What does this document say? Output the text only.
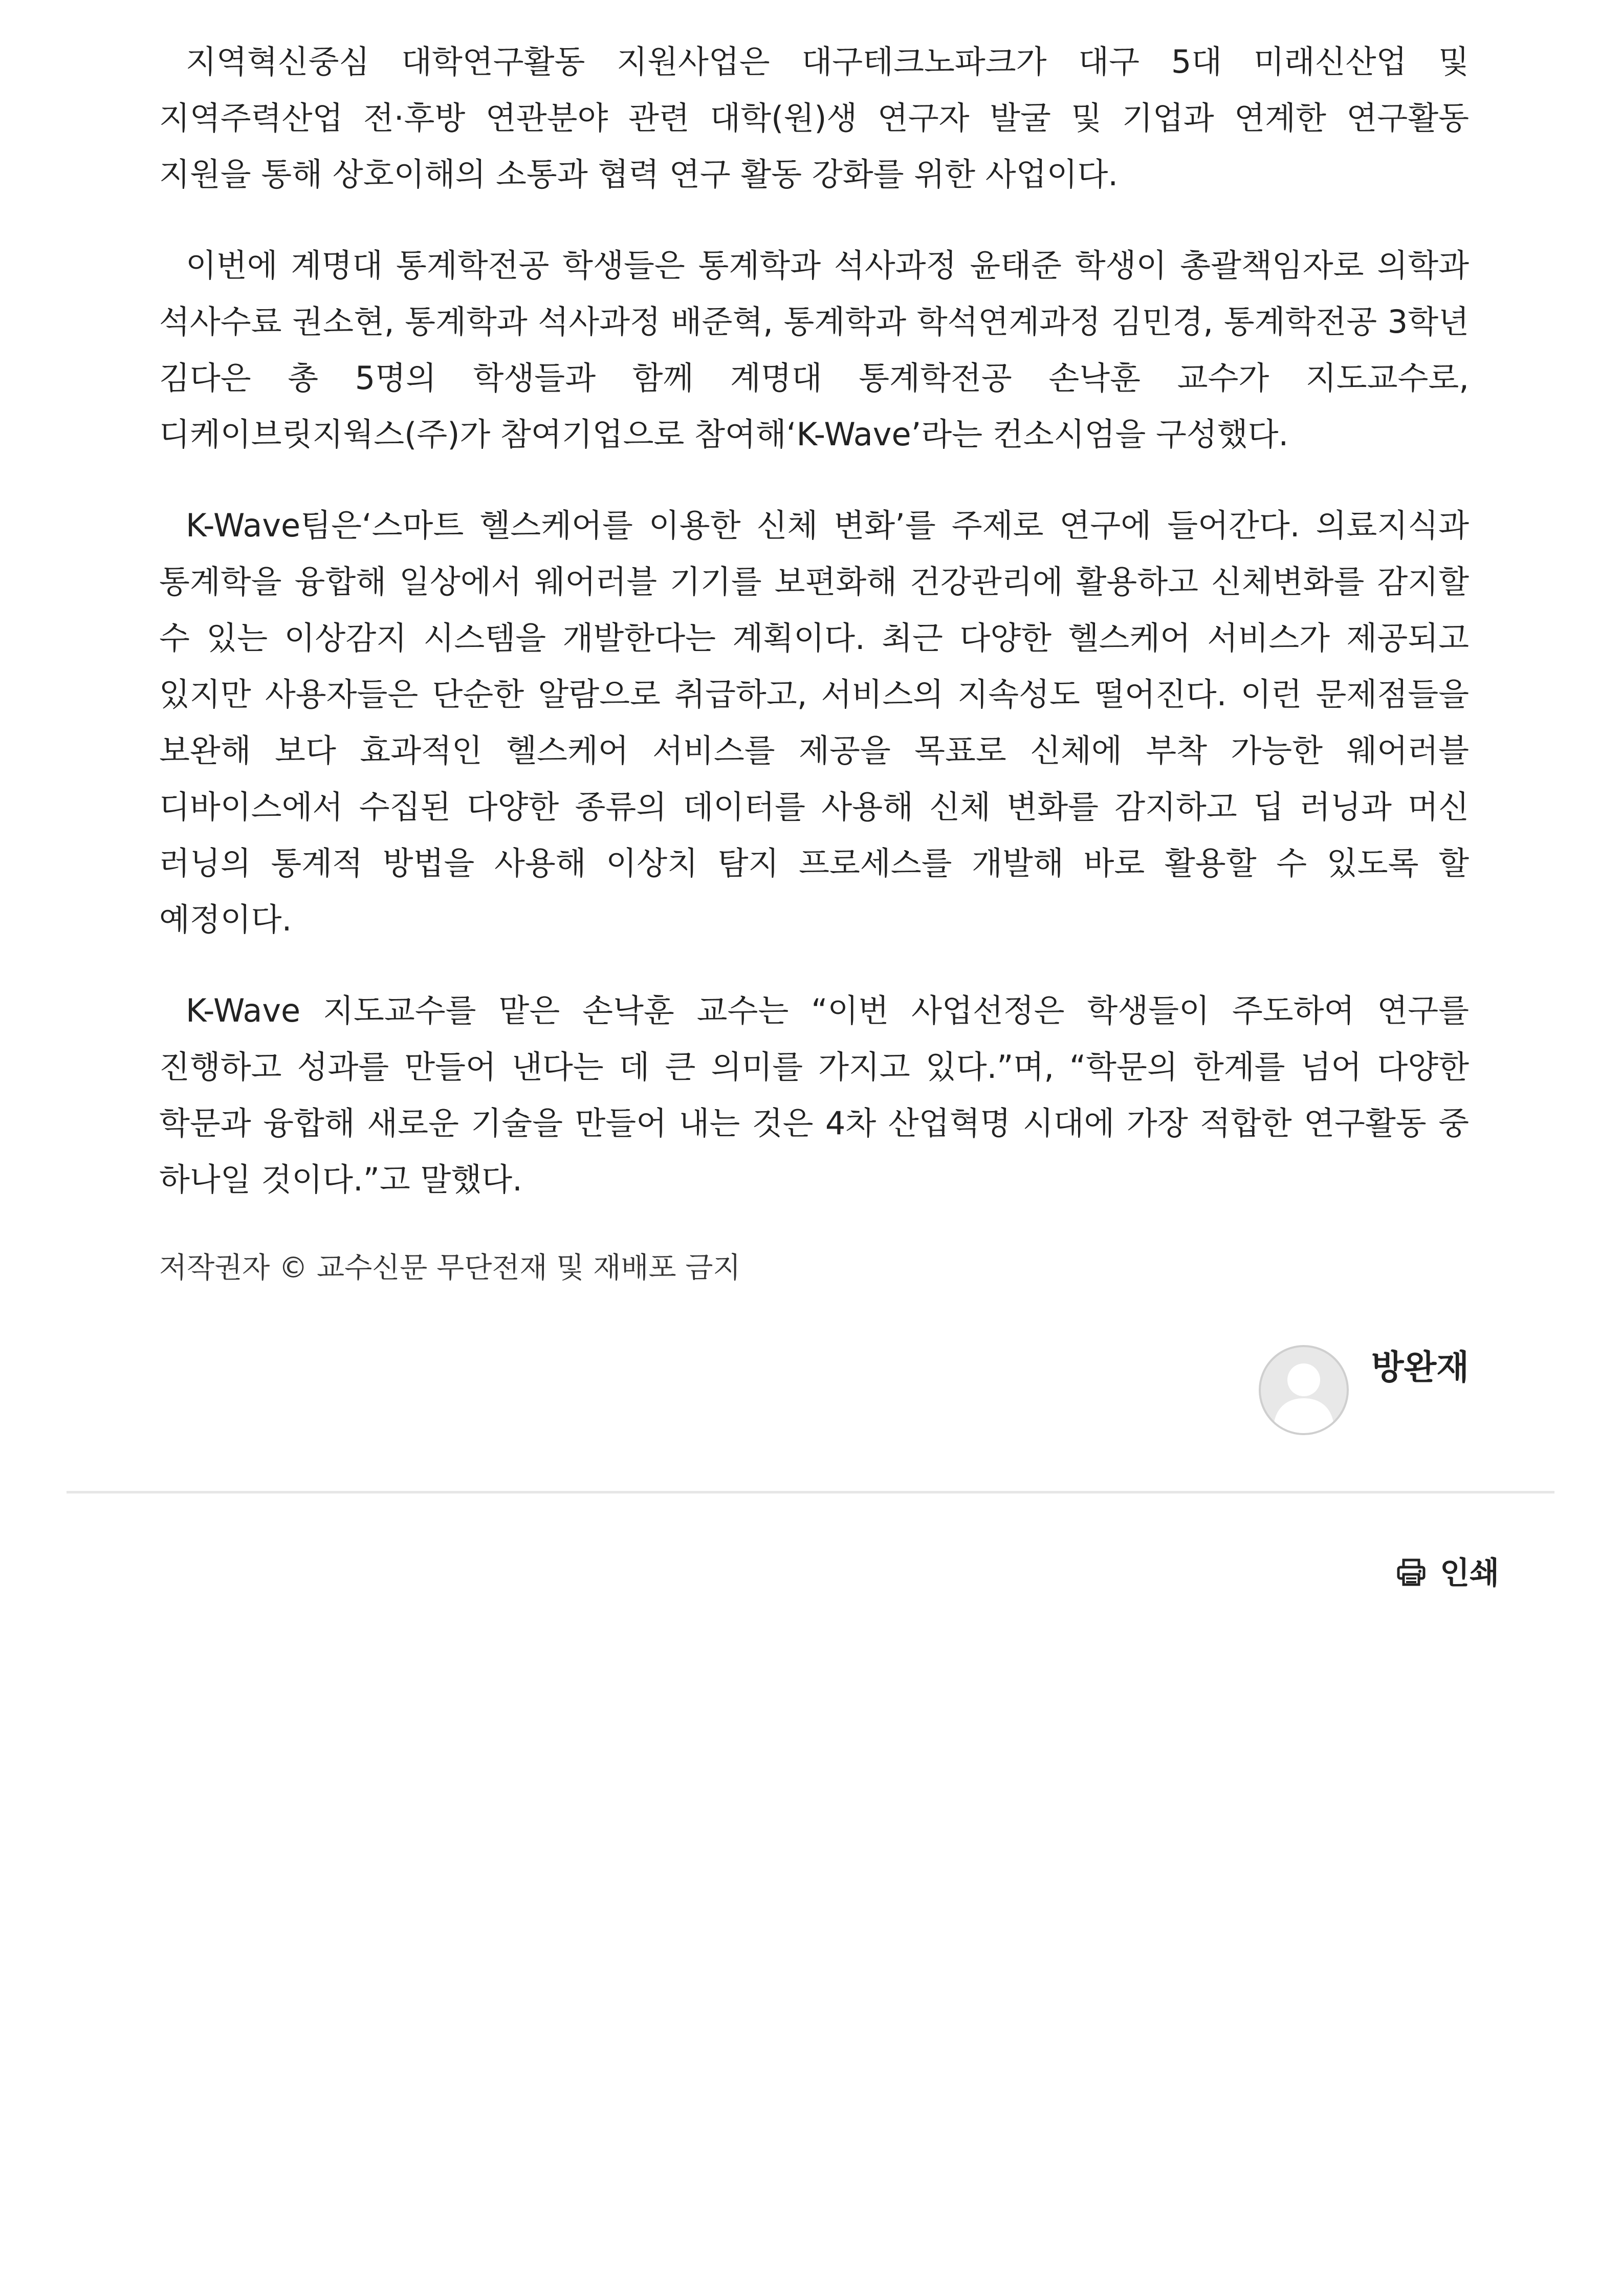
지역혁신중심 대학연구활동 지원사업은 대구테크노파크가 대구 5대 미래신산업 및 지역주력산업 전·후방 연관분야 관련 대학(원)생 연구자 발굴 및 기업과 연계한 연구활동 지원을 통해 상호이해의 소통과 협력 연구 활동 강화를 위한 사업이다.

이번에 계명대 통계학전공 학생들은 통계학과 석사과정 윤태준 학생이 총괄책임자로 의학과 석사수료 권소현, 통계학과 석사과정 배준혁, 통계학과 학석연계과정 김민경, 통계학전공 3학년 김다은 총 5명의 학생들과 함께 계명대 통계학전공 손낙훈 교수가 지도교수로, 디케이브릿지웍스(주)가 참여기업으로 참여해‘K-Wave’라는 컨소시엄을 구성했다.

K-Wave팀은‘스마트 헬스케어를 이용한 신체 변화’를 주제로 연구에 들어간다. 의료지식과 통계학을 융합해 일상에서 웨어러블 기기를 보편화해 건강관리에 활용하고 신체변화를 감지할 수 있는 이상감지 시스템을 개발한다는 계획이다. 최근 다양한 헬스케어 서비스가 제공되고 있지만 사용자들은 단순한 알람으로 취급하고, 서비스의 지속성도 떨어진다. 이런 문제점들을 보완해 보다 효과적인 헬스케어 서비스를 제공을 목표로 신체에 부착 가능한 웨어러블 디바이스에서 수집된 다양한 종류의 데이터를 사용해 신체 변화를 감지하고 딥 러닝과 머신 러닝의 통계적 방법을 사용해 이상치 탐지 프로세스를 개발해 바로 활용할 수 있도록 할 예정이다.

K-Wave 지도교수를 맡은 손낙훈 교수는 “이번 사업선정은 학생들이 주도하여 연구를 진행하고 성과를 만들어 낸다는 데 큰 의미를 가지고 있다.”며, “학문의 한계를 넘어 다양한 학문과 융합해 새로운 기술을 만들어 내는 것은 4차 산업혁명 시대에 가장 적합한 연구활동 중 하나일 것이다.”고 말했다.

저작권자 © 교수신문 무단전재 및 재배포 금지
방완재
인쇄
